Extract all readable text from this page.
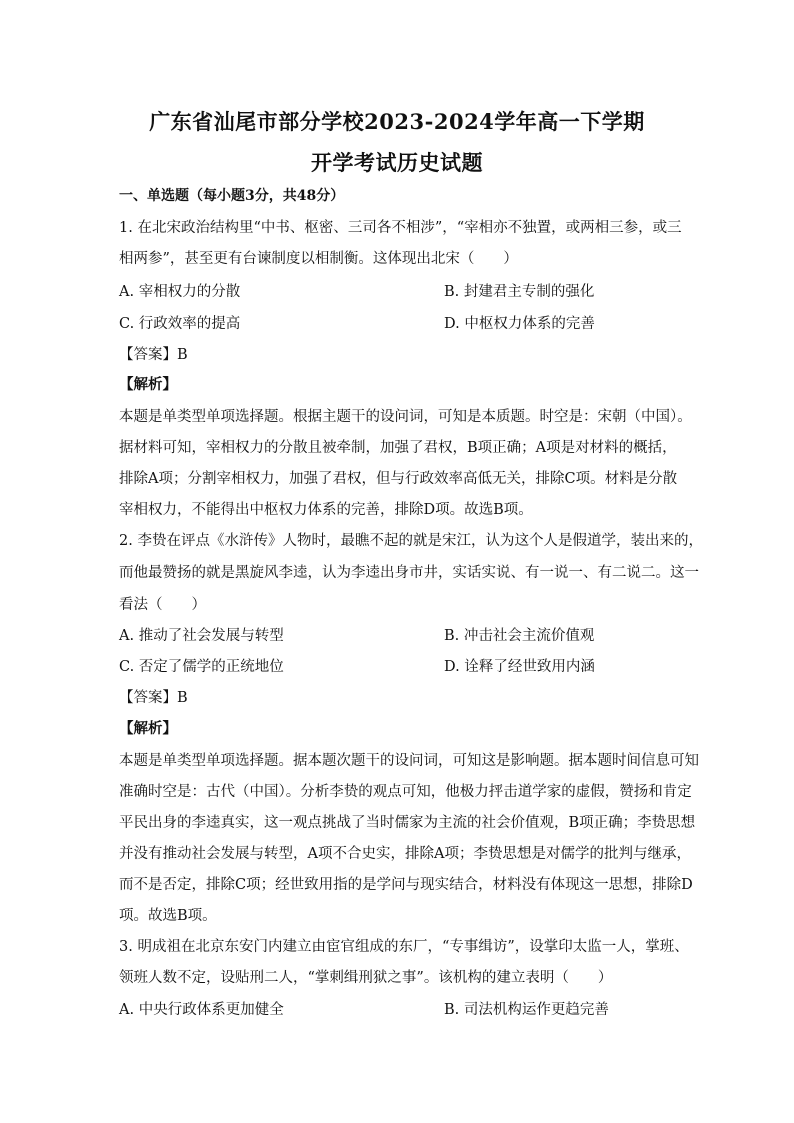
广东省汕尾市部分学校2023-2024学年高一下学期
开学考试历史试题
一、单选题（每小题3分，共48分）
1. 在北宋政治结构里“中书、枢密、三司各不相涉”，“宰相亦不独置，或两相三参，或三
相两参”，甚至更有台谏制度以相制衡。这体现出北宋（　　）
A. 宰相权力的分散	B. 封建君主专制的强化
C. 行政效率的提高	D. 中枢权力体系的完善
【答案】B
【解析】
本题是单类型单项选择题。根据主题干的设问词，可知是本质题。时空是：宋朝（中国）。
据材料可知，宰相权力的分散且被牵制，加强了君权，B项正确；A项是对材料的概括，
排除A项；分割宰相权力，加强了君权，但与行政效率高低无关，排除C项。材料是分散
宰相权力，不能得出中枢权力体系的完善，排除D项。故选B项。
2. 李贽在评点《水浒传》人物时，最瞧不起的就是宋江，认为这个人是假道学，装出来的，
而他最赞扬的就是黑旋风李逵，认为李逵出身市井，实话实说、有一说一、有二说二。这一
看法（　　）
A. 推动了社会发展与转型	B. 冲击社会主流价值观
C. 否定了儒学的正统地位	D. 诠释了经世致用内涵
【答案】B
【解析】
本题是单类型单项选择题。据本题次题干的设问词，可知这是影响题。据本题时间信息可知
准确时空是：古代（中国）。分析李贽的观点可知，他极力抨击道学家的虚假，赞扬和肯定
平民出身的李逵真实，这一观点挑战了当时儒家为主流的社会价值观，B项正确；李贽思想
并没有推动社会发展与转型，A项不合史实，排除A项；李贽思想是对儒学的批判与继承，
而不是否定，排除C项；经世致用指的是学问与现实结合，材料没有体现这一思想，排除D
项。故选B项。
3. 明成祖在北京东安门内建立由宦官组成的东厂，“专事缉访”，设掌印太监一人，掌班、
领班人数不定，设贴刑二人，“掌刺缉刑狱之事”。该机构的建立表明（　　）
A. 中央行政体系更加健全	B. 司法机构运作更趋完善
